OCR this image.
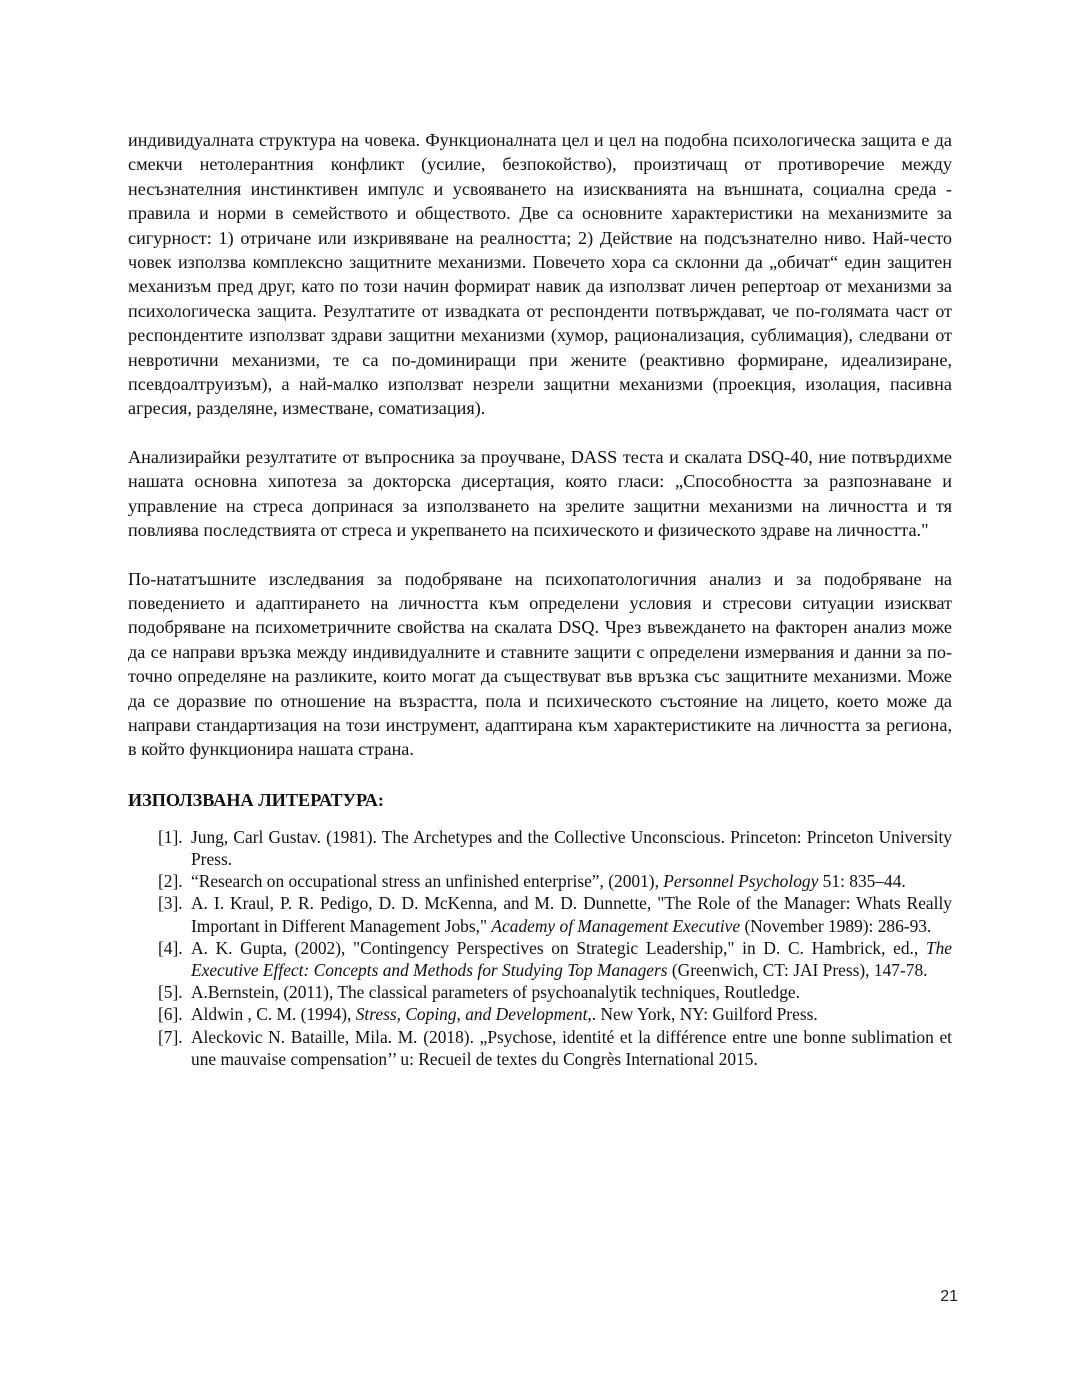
индивидуалната структура на човека. Функционалната цел и цел на подобна психологическа защита е да смекчи нетолерантния конфликт (усилие, безпокойство), произтичащ от противоречие между несъзнателния инстинктивен импулс и усвояването на изискванията на външната, социална среда - правила и норми в семейството и обществото. Две са основните характеристики на механизмите за сигурност: 1) отричане или изкривяване на реалността; 2) Действие на подсъзнателно ниво. Най-често човек използва комплексно защитните механизми. Повечето хора са склонни да „обичат“ един защитен механизъм пред друг, като по този начин формират навик да използват личен репертоар от механизми за психологическа защита. Резултатите от извадката от респонденти потвърждават, че по-голямата част от респондентите използват здрави защитни механизми (хумор, рационализация, сублимация), следвани от невротични механизми, те са по-доминиращи при жените (реактивно формиране, идеализиране, псевдоалтруизъм), а най-малко използват незрели защитни механизми (проекция, изолация, пасивна агресия, разделяне, изместване, соматизация).

Анализирайки резултатите от въпросника за проучване, DASS теста и скалата DSQ-40, ние потвърдихме нашата основна хипотеза за докторска дисертация, която гласи: „Способността за разпознаване и управление на стреса допринася за използването на зрелите защитни механизми на личността и тя повлиява последствията от стреса и укрепването на психическото и физическото здраве на личността."

По-нататъшните изследвания за подобряване на психопатологичния анализ и за подобряване на поведението и адаптирането на личността към определени условия и стресови ситуации изискват подобряване на психометричните свойства на скалата DSQ. Чрез въвеждането на факторен анализ може да се направи връзка между индивидуалните и ставните защити с определени измервания и данни за по-точно определяне на разликите, които могат да съществуват във връзка със защитните механизми. Може да се доразвие по отношение на възрастта, пола и психическото състояние на лицето, което може да направи стандартизация на този инструмент, адаптирана към характеристиките на личността за региона, в който функционира нашата страна.

ИЗПОЛЗВАНА ЛИТЕРАТУРА:
[1]. Jung, Carl Gustav. (1981). The Archetypes and the Collective Unconscious. Princeton: Princeton University Press.
[2]. “Research on occupational stress an unfinished enterprise”, (2001), Personnel Psychology 51: 835–44.
[3]. A. I. Kraul, P. R. Pedigo, D. D. McKenna, and M. D. Dunnette, "The Role of the Manager: Whats Really Important in Different Management Jobs," Academy of Management Executive (November 1989): 286-93.
[4]. A. K. Gupta, (2002), "Contingency Perspectives on Strategic Leadership," in D. C. Hambrick, ed., The Executive Effect: Concepts and Methods for Studying Top Managers (Greenwich, CT: JAI Press), 147-78.
[5]. A.Bernstein, (2011), The classical parameters of psychoanalytik techniques, Routledge.
[6]. Aldwin , C. M. (1994), Stress, Coping, and Development,. New York, NY: Guilford Press.
[7]. Aleckovic N. Bataille, Mila. M. (2018). „Psychose, identité et la différence entre une bonne sublimation et une mauvaise compensation’’ u: Recueil de textes du Congrès International 2015.
21
